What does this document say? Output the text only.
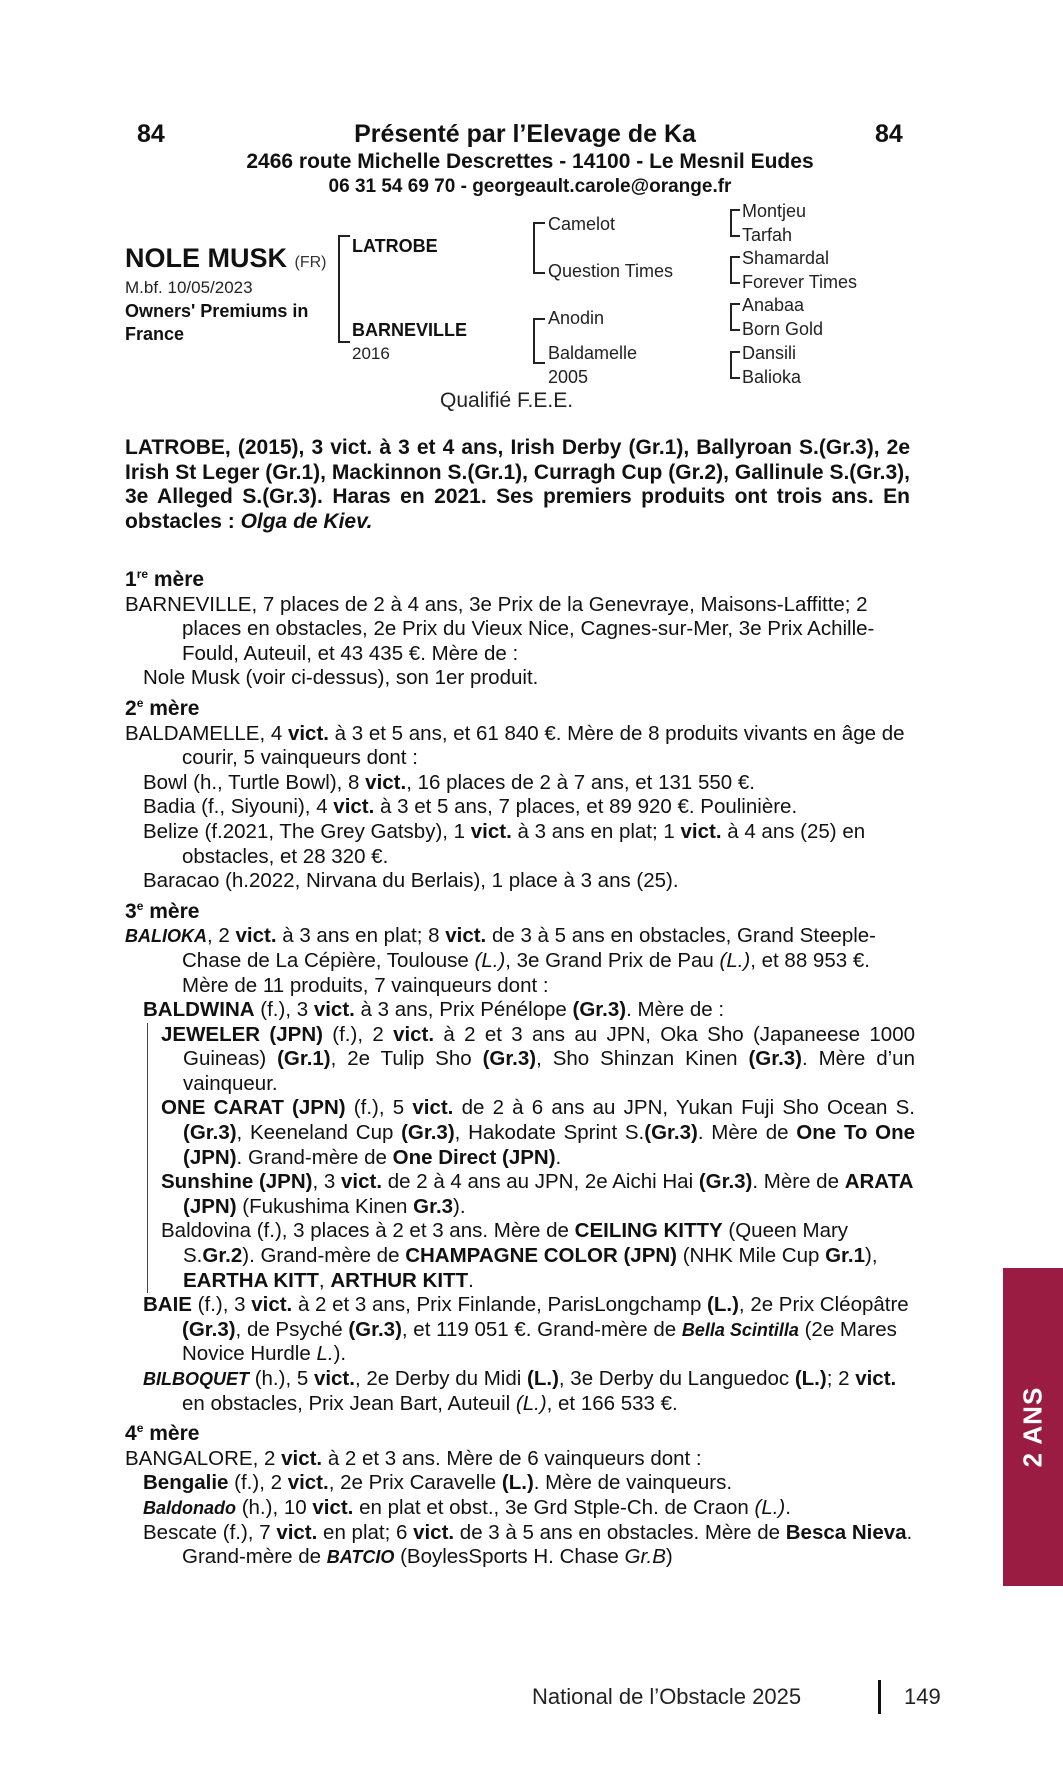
84	Présenté par l’Elevage de Ka	84
2466 route Michelle Descrettes - 14100 - Le Mesnil Eudes
06 31 54 69 70 - georgeault.carole@orange.fr
NOLE MUSK (FR)
M.bf. 10/05/2023
Owners' Premiums in
France
LATROBE
BARNEVILLE
2016
Camelot
Question Times
Anodin
Baldamelle
2005
Montjeu
Tarfah
Shamardal
Forever Times
Anabaa
Born Gold
Dansili
Balioka
Qualifié F.E.E.
LATROBE, (2015), 3 vict. à 3 et 4 ans, Irish Derby (Gr.1), Ballyroan S.(Gr.3), 2e Irish St Leger (Gr.1), Mackinnon S.(Gr.1), Curragh Cup (Gr.2), Gallinule S.(Gr.3), 3e Alleged S.(Gr.3). Haras en 2021. Ses premiers produits ont trois ans. En obstacles : Olga de Kiev.

1re mère

BARNEVILLE, 7 places de 2 à 4 ans, 3e Prix de la Genevraye, Maisons-Laffitte; 2 places en obstacles, 2e Prix du Vieux Nice, Cagnes-sur-Mer, 3e Prix Achille-Fould, Auteuil, et 43 435 €. Mère de :

Nole Musk (voir ci-dessus), son 1er produit.

2e mère

BALDAMELLE, 4 vict. à 3 et 5 ans, et 61 840 €. Mère de 8 produits vivants en âge de courir, 5 vainqueurs dont :

Bowl (h., Turtle Bowl), 8 vict., 16 places de 2 à 7 ans, et 131 550 €.

Badia (f., Siyouni), 4 vict. à 3 et 5 ans, 7 places, et 89 920 €. Poulinière.

Belize (f.2021, The Grey Gatsby), 1 vict. à 3 ans en plat; 1 vict. à 4 ans (25) en obstacles, et 28 320 €.

Baracao (h.2022, Nirvana du Berlais), 1 place à 3 ans (25).

3e mère

BALIOKA, 2 vict. à 3 ans en plat; 8 vict. de 3 à 5 ans en obstacles, Grand Steeple-Chase de La Cépière, Toulouse (L.), 3e Grand Prix de Pau (L.), et 88 953 €. Mère de 11 produits, 7 vainqueurs dont :

BALDWINA (f.), 3 vict. à 3 ans, Prix Pénélope (Gr.3). Mère de :

JEWELER (JPN) (f.), 2 vict. à 2 et 3 ans au JPN, Oka Sho (Japaneese 1000 Guineas) (Gr.1), 2e Tulip Sho (Gr.3), Sho Shinzan Kinen (Gr.3). Mère d’un vainqueur.

ONE CARAT (JPN) (f.), 5 vict. de 2 à 6 ans au JPN, Yukan Fuji Sho Ocean S.(Gr.3), Keeneland Cup (Gr.3), Hakodate Sprint S.(Gr.3). Mère de One To One (JPN). Grand-mère de One Direct (JPN).

Sunshine (JPN), 3 vict. de 2 à 4 ans au JPN, 2e Aichi Hai (Gr.3). Mère de ARATA (JPN) (Fukushima Kinen Gr.3).

Baldovina (f.), 3 places à 2 et 3 ans. Mère de CEILING KITTY (Queen Mary S.Gr.2). Grand-mère de CHAMPAGNE COLOR (JPN) (NHK Mile Cup Gr.1), EARTHA KITT, ARTHUR KITT.

BAIE (f.), 3 vict. à 2 et 3 ans, Prix Finlande, ParisLongchamp (L.), 2e Prix Cléopâtre (Gr.3), de Psyché (Gr.3), et 119 051 €. Grand-mère de Bella Scintilla (2e Mares Novice Hurdle L.).

BILBOQUET (h.), 5 vict., 2e Derby du Midi (L.), 3e Derby du Languedoc (L.); 2 vict. en obstacles, Prix Jean Bart, Auteuil (L.), et 166 533 €.

4e mère

BANGALORE, 2 vict. à 2 et 3 ans. Mère de 6 vainqueurs dont :

Bengalie (f.), 2 vict., 2e Prix Caravelle (L.). Mère de vainqueurs.

Baldonado (h.), 10 vict. en plat et obst., 3e Grd Stple-Ch. de Craon (L.).

Bescate (f.), 7 vict. en plat; 6 vict. de 3 à 5 ans en obstacles. Mère de Besca Nieva. Grand-mère de BATCIO (BoylesSports H. Chase Gr.B)

2 ANS
National de l’Obstacle 2025	149
